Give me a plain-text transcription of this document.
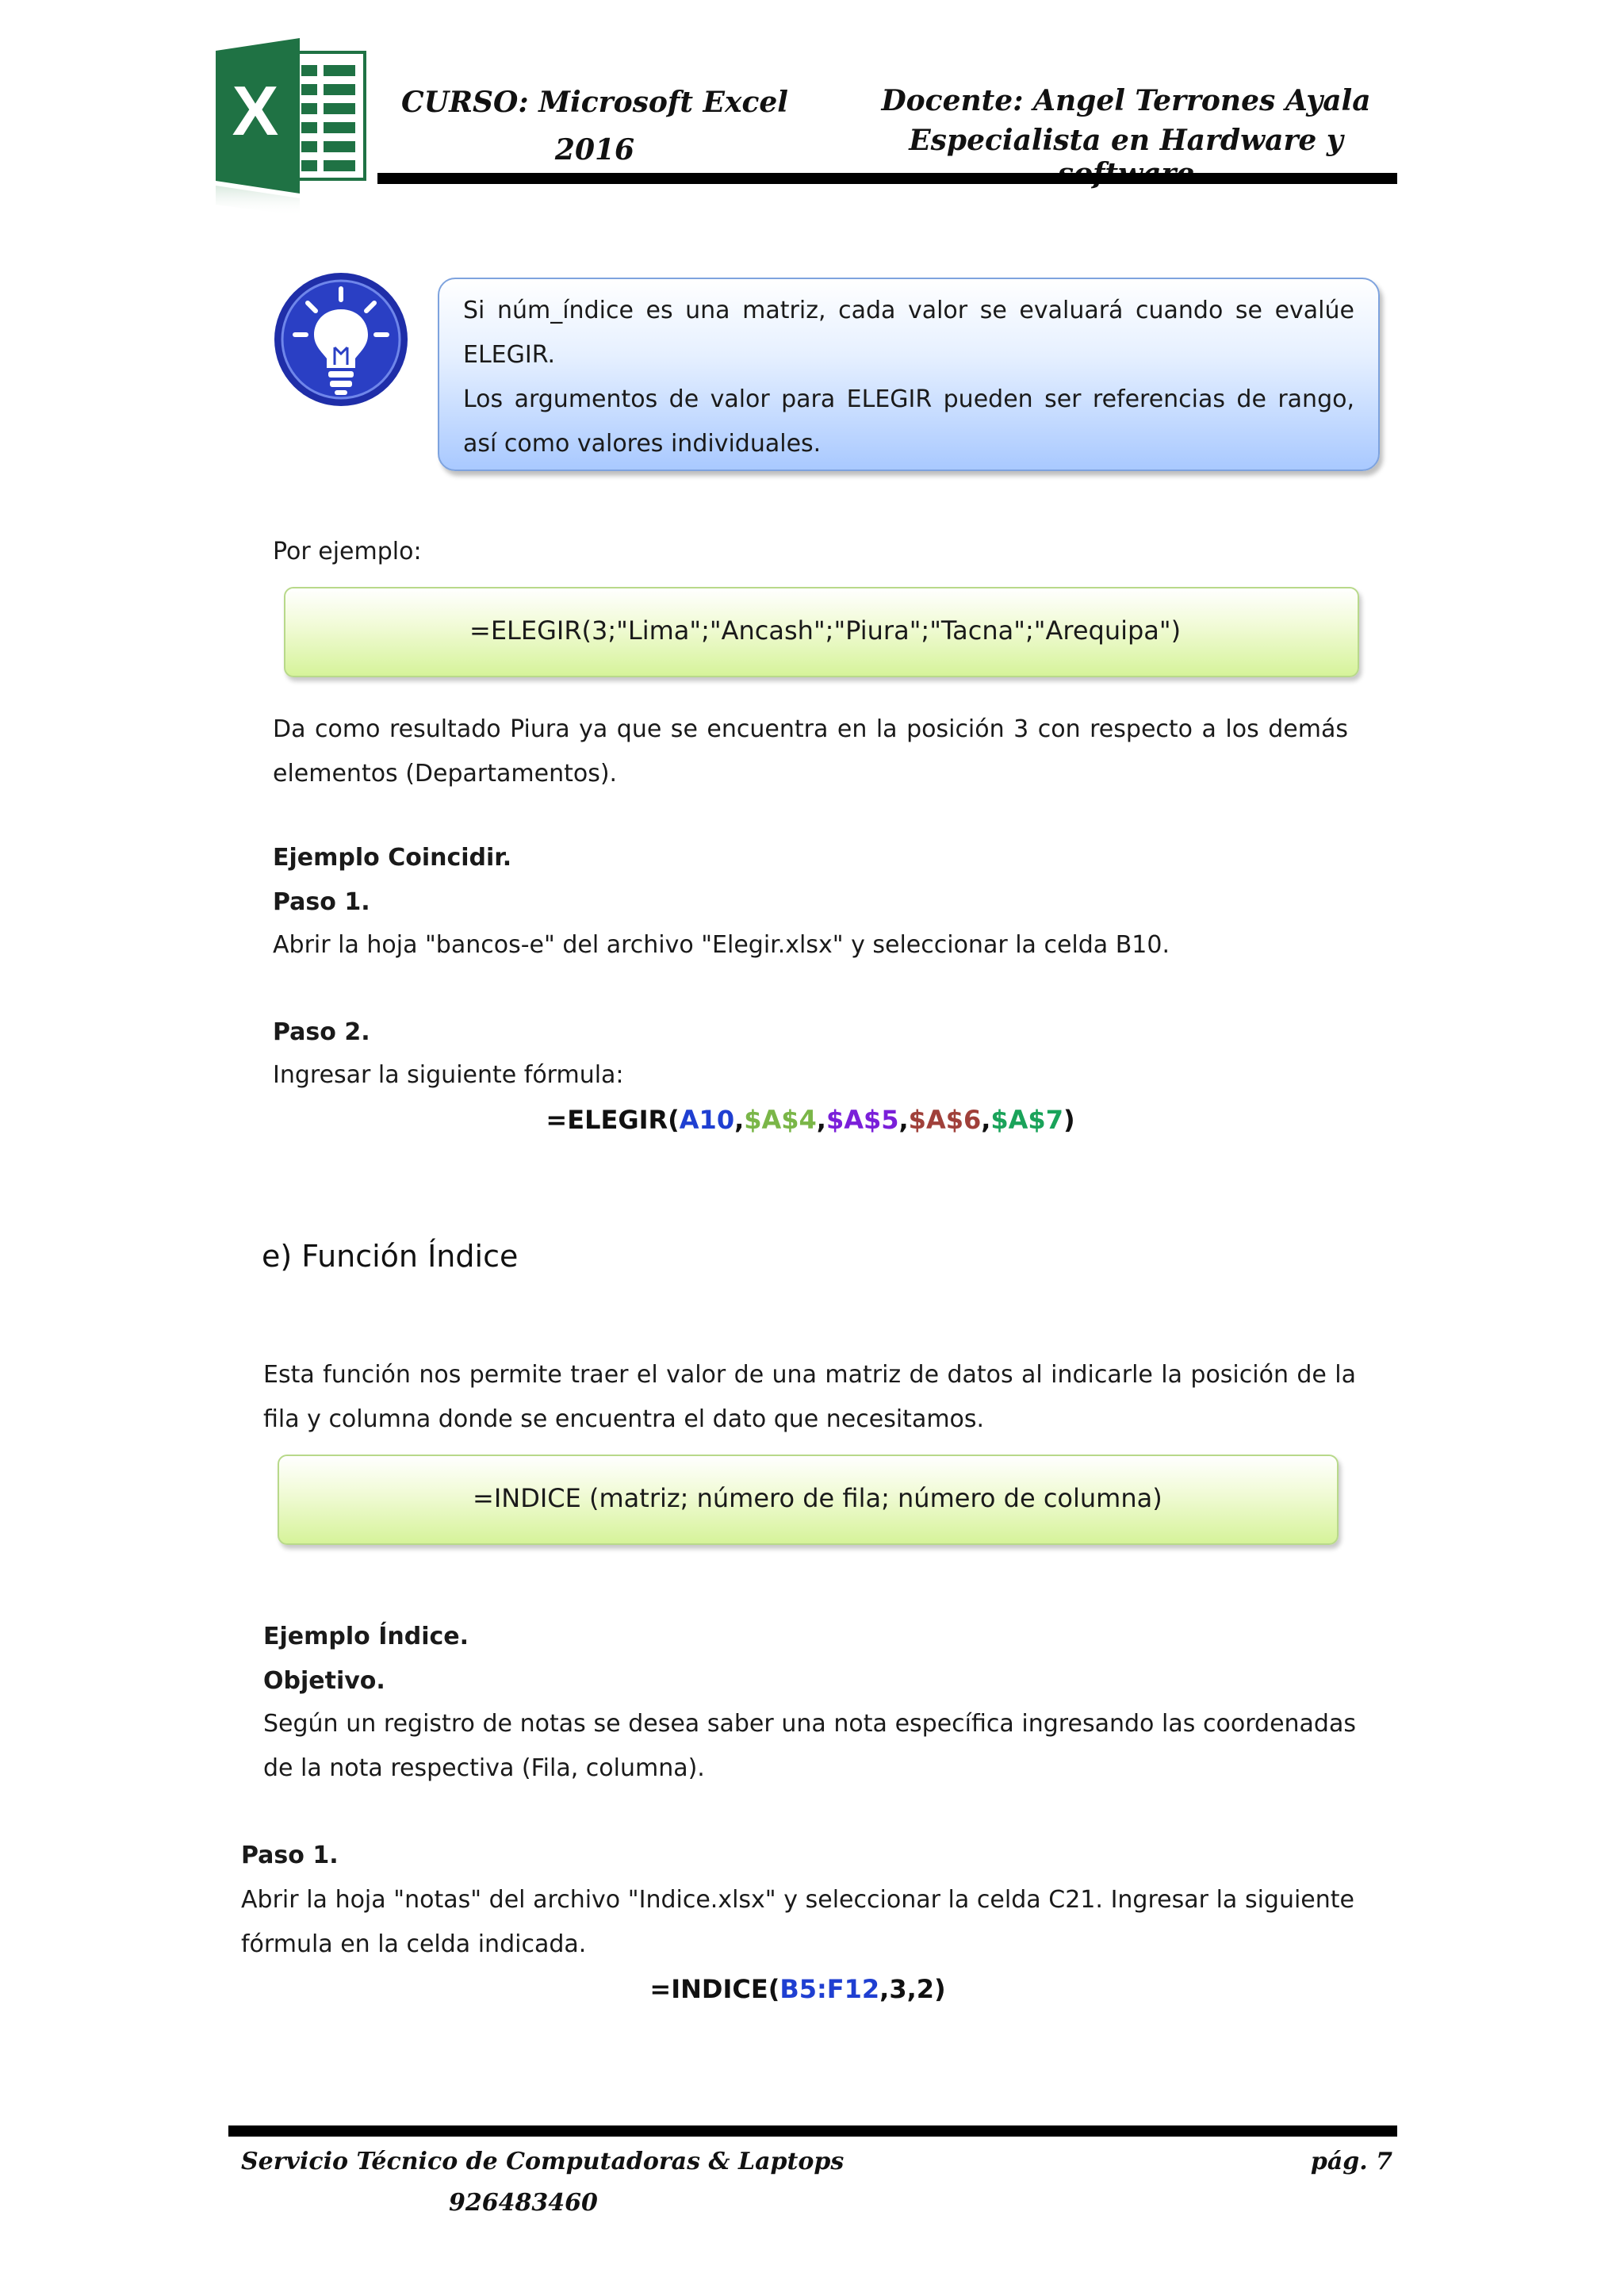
X	CURSO: Microsoft Excel
2016
Docente: Angel Terrones Ayala
Especialista en Hardware y
Si núm_índice es una matriz, cada valor se evaluará cuando se evalúe ELEGIR.
Los argumentos de valor para ELEGIR pueden ser referencias de rango, así como valores individuales.
Por ejemplo:
=ELEGIR(3;"Lima";"Ancash";"Piura";"Tacna";"Arequipa")
Da como resultado Piura ya que se encuentra en la posición 3 con respecto a los demás elementos (Departamentos).
Ejemplo Coincidir.
Paso 1.
Abrir la hoja "bancos-e" del archivo "Elegir.xlsx" y seleccionar la celda B10.
Paso 2.
Ingresar la siguiente fórmula:
=ELEGIR(A10,$A$4,$A$5,$A$6,$A$7)
e) Función Índice
Esta función nos permite traer el valor de una matriz de datos al indicarle la posición de la fila y columna donde se encuentra el dato que necesitamos.
=INDICE (matriz; número de fila; número de columna)
Ejemplo Índice.
Objetivo.
Según un registro de notas se desea saber una nota específica ingresando las coordenadas de la nota respectiva (Fila, columna).
Paso 1.
Abrir la hoja "notas" del archivo "Indice.xlsx" y seleccionar la celda C21. Ingresar la siguiente fórmula en la celda indicada.
=INDICE(B5:F12,3,2)
Servicio Técnico de Computadoras & Laptops
926483460
pág. 7
